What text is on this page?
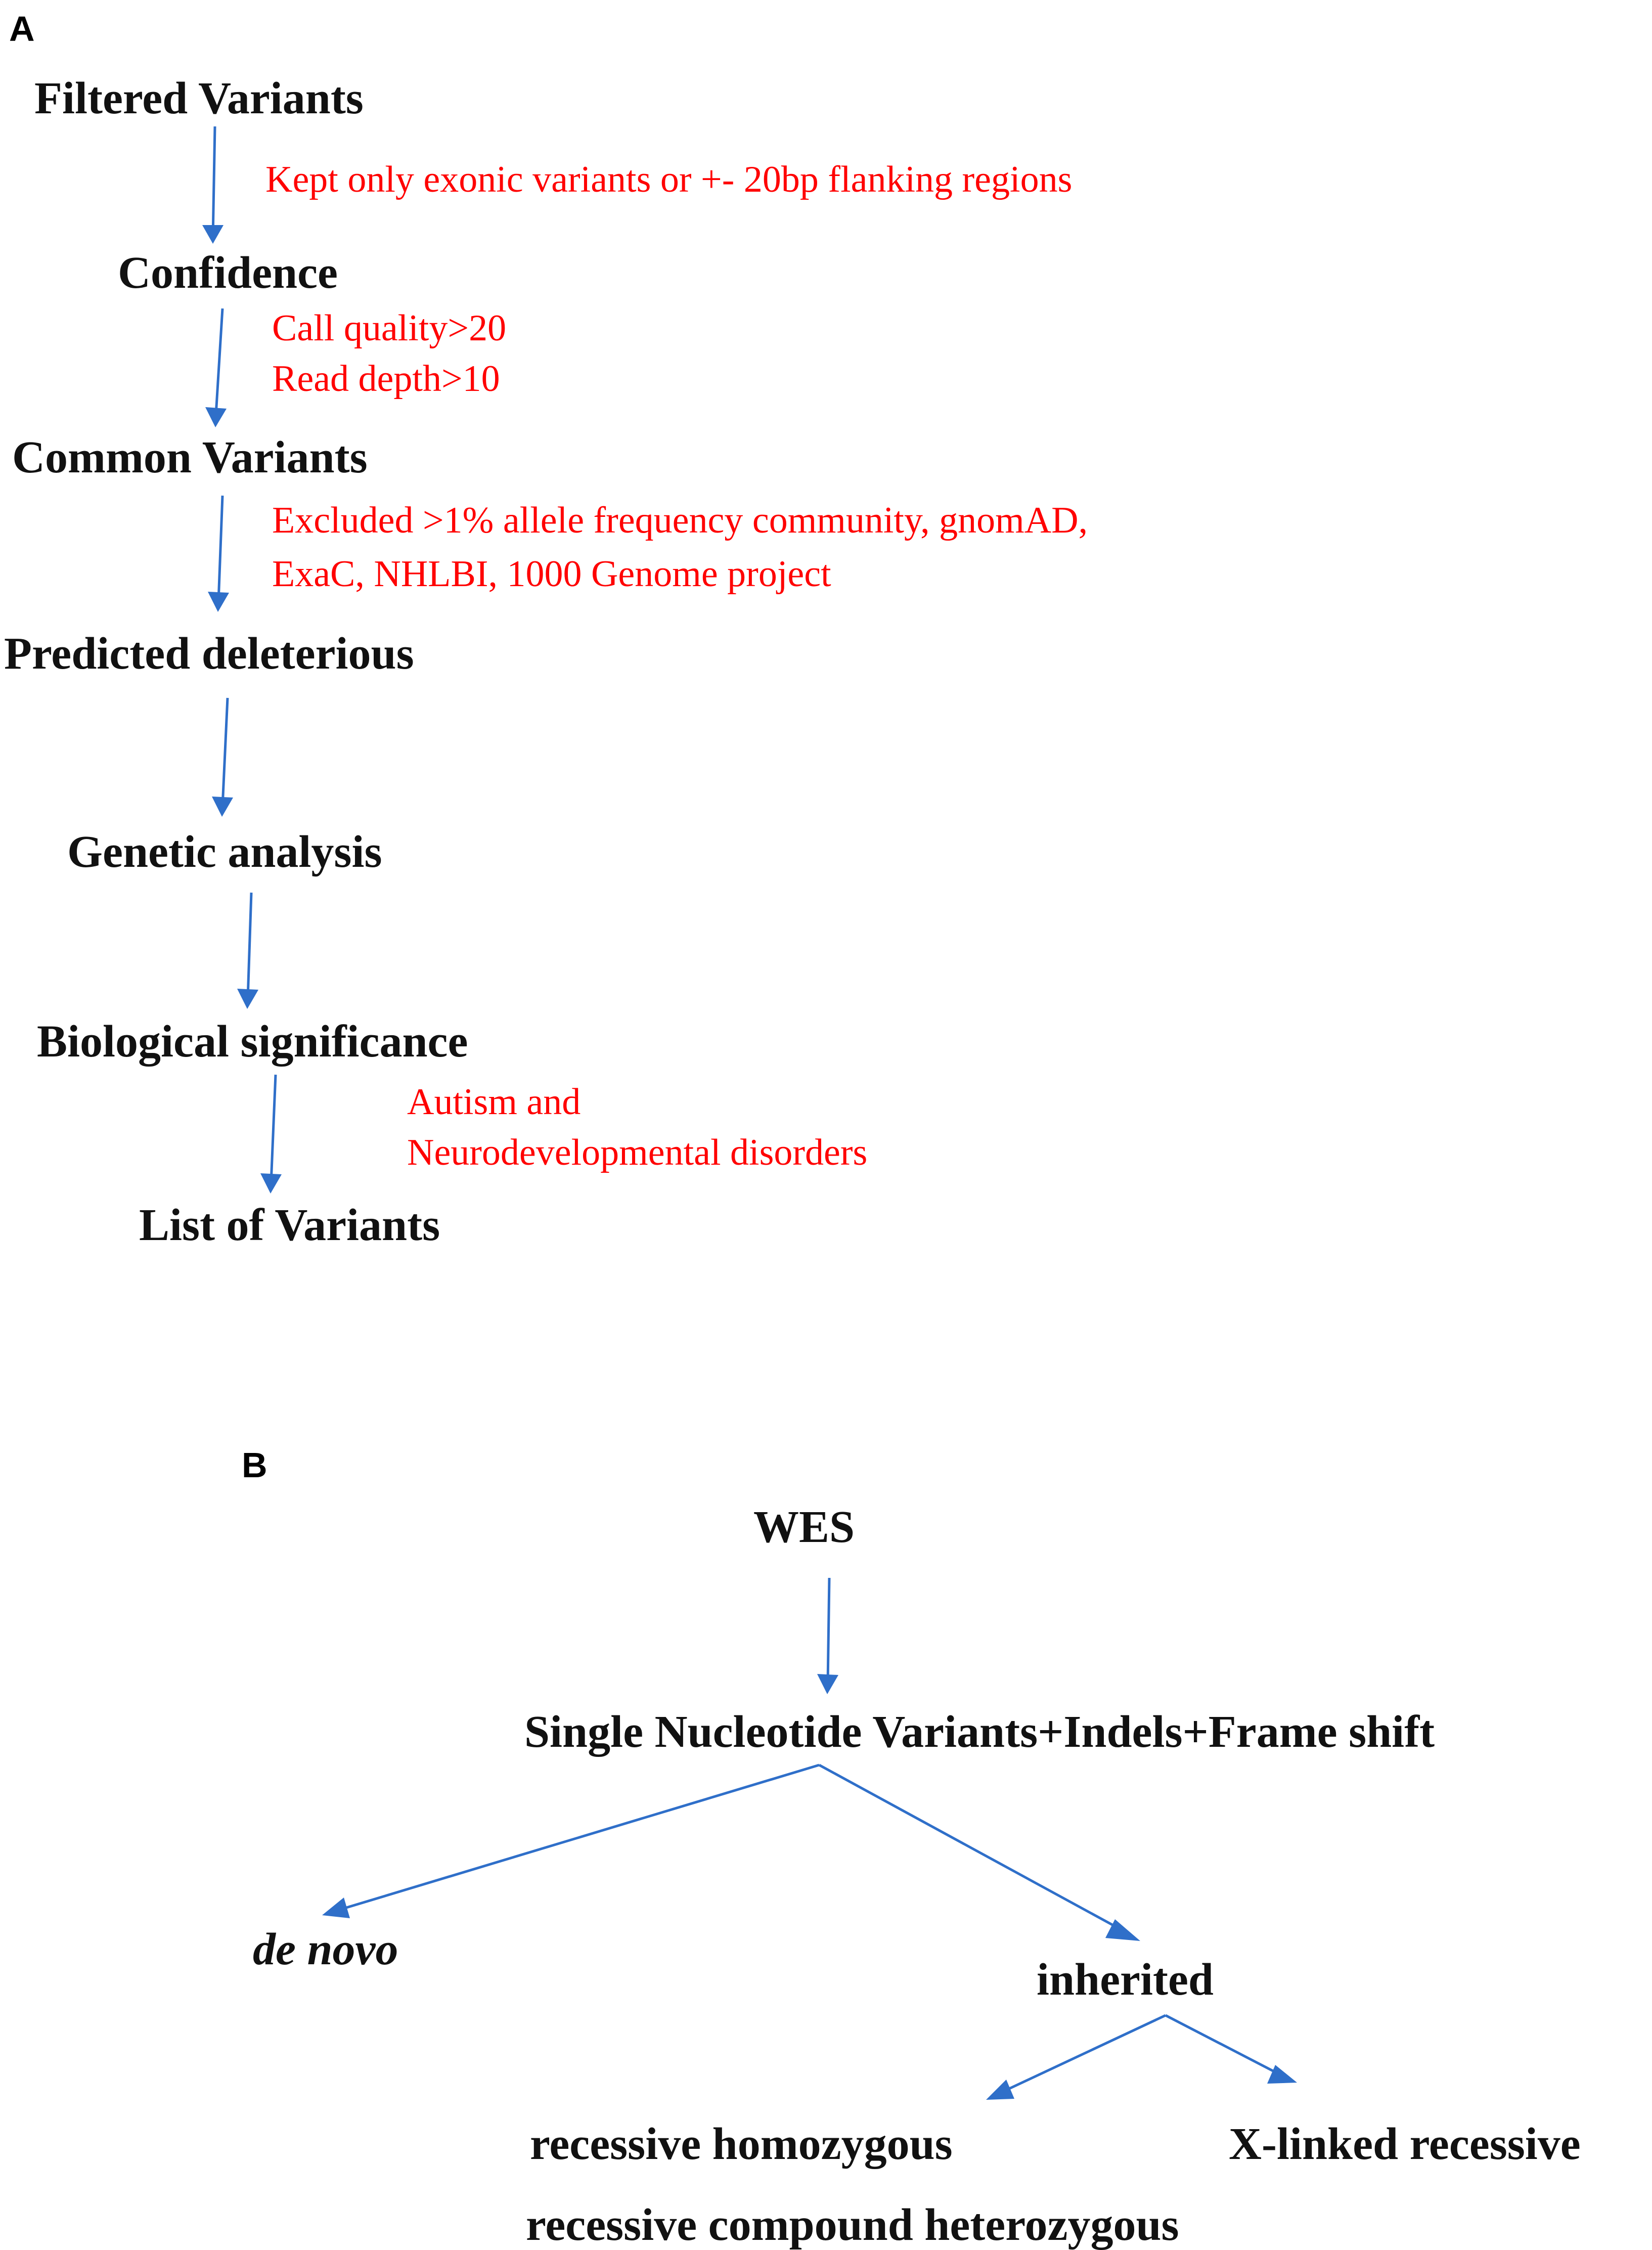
A
Filtered Variants
Kept only exonic variants or +- 20bp flanking regions
Confidence
Call quality>20
Read depth>10
Common Variants
Excluded >1% allele frequency community, gnomAD,
ExaC, NHLBI, 1000 Genome project
Predicted deleterious
Genetic analysis
Biological significance
Autism and
Neurodevelopmental disorders
List of Variants
B
WES
Single Nucleotide Variants+Indels+Frame shift
de novo
inherited
recessive homozygous
recessive compound heterozygous
X-linked recessive
